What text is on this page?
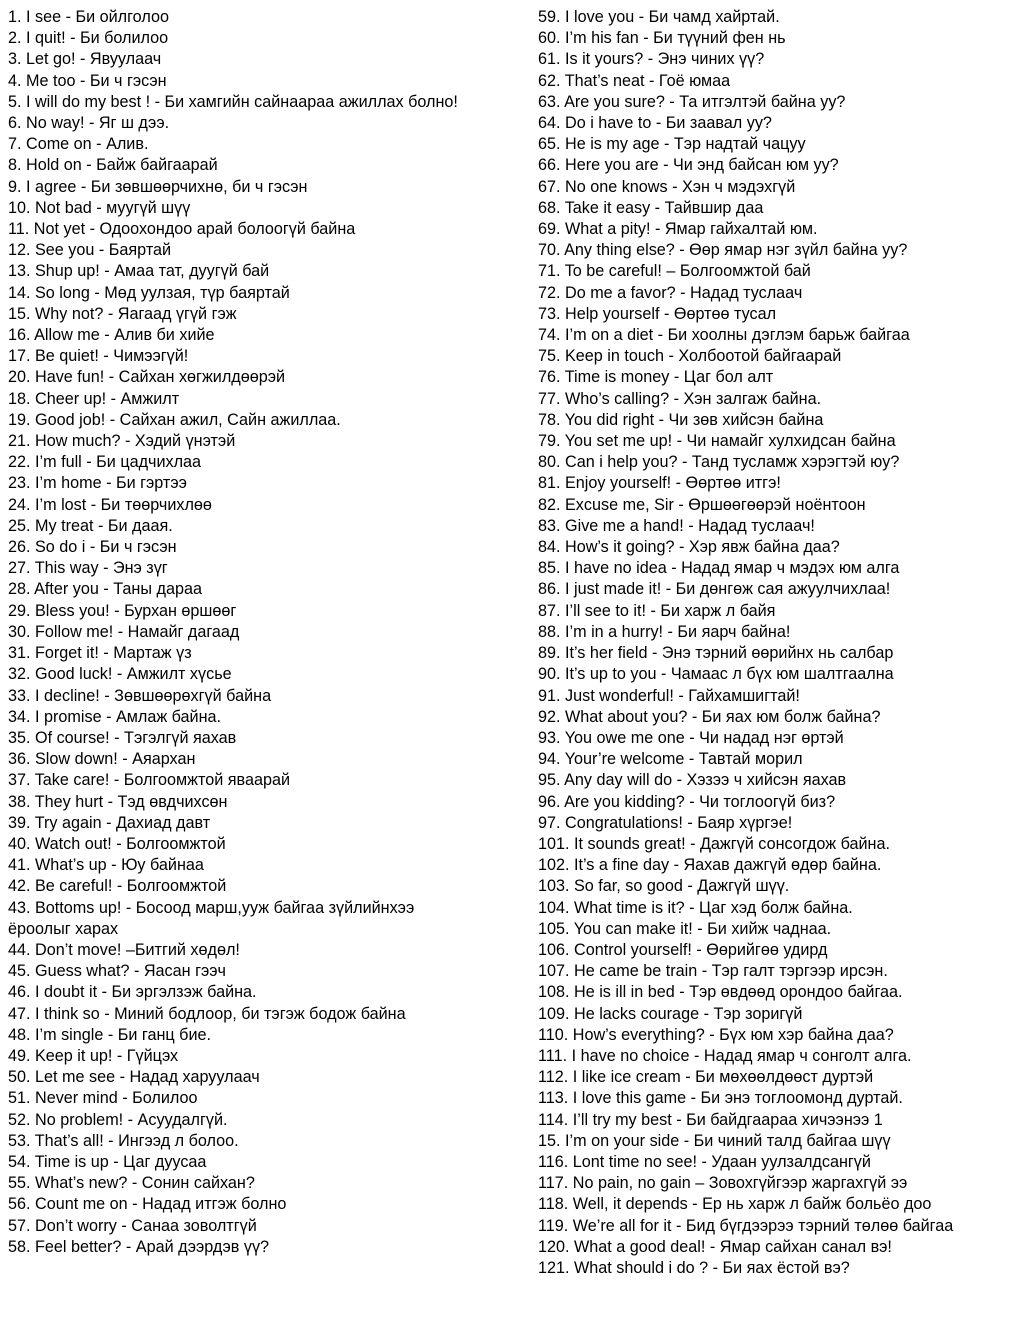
1. I see - Би ойлголоо
2. I quit! - Би болилоо
3. Let go! - Явуулаач
4. Me too - Би ч гэсэн
5. I will do my best ! - Би хамгийн сайнаараа ажиллах болно!
6. No way! - Яг ш дээ.
7. Come on - Алив.
8. Hold on - Байж байгаарай
9. I agree - Би зөвшөөрчихнө, би ч гэсэн
10. Not bad - муугүй шүү
11. Not yet - Одоохондоо арай болоогүй байна
12. See you - Баяртай
13. Shup up! - Амаа тат, дуугүй бай
14. So long - Мөд уулзая, түр баяртай
15. Why not? - Яагаад үгүй гэж
16. Allow me - Алив би хийе
17. Be quiet! - Чимээгүй!
20. Have fun! - Сайхан хөгжилдөөрэй
18. Cheer up! - Амжилт
19. Good job! - Сайхан ажил, Сайн ажиллаа.
21. How much? - Хэдий үнэтэй
22. I’m full - Би цадчихлаа
23. I’m home - Би гэртээ
24. I’m lost - Би төөрчихлөө
25. My treat - Би даая.
26. So do i - Би ч гэсэн
27. This way - Энэ зүг
28. After you - Таны дараа
29. Bless you! - Бурхан өршөөг
30. Follow me! - Намайг дагаад
31. Forget it! - Мартаж үз
32. Good luck! - Амжилт хүсье
33. I decline! - Зөвшөөрөхгүй байна
34. I promise - Амлаж байна.
35. Of course! - Тэгэлгүй яахав
36. Slow down! - Аяархан
37. Take care! - Болгоомжтой яваарай
38. They hurt - Тэд өвдчихсөн
39. Try again - Дахиад давт
40. Watch out! - Болгоомжтой
41. What’s up - Юу байнаа
42. Be careful! - Болгоомжтой
43. Bottoms up! - Босоод марш,ууж байгаа зүйлийнхээ ёроолыг харах
44. Don’t move! –Битгий хөдөл!
45. Guess what? - Яасан гээч
46. I doubt it - Би эргэлзэж байна.
47. I think so - Миний бодлоор, би тэгэж бодож байна
48. I’m single - Би ганц бие.
49. Keep it up! - Гүйцэх
50. Let me see - Надад харуулаач
51. Never mind - Болилоо
52. No problem! - Асуудалгүй.
53. That’s all! - Ингээд л болоо.
54. Time is up - Цаг дуусаа
55. What’s new? - Сонин сайхан?
56. Count me on - Надад итгэж болно
57. Don’t worry - Санаа зоволтгүй
58. Feel better? - Арай дээрдэв үү?
59. I love you - Би чамд хайртай.
60. I’m his fan - Би түүний фен нь
61. Is it yours? - Энэ чиних үү?
62. That’s neat - Гоё юмаа
63. Are you sure? - Та итгэлтэй байна уу?
64. Do i have to - Би заавал уу?
65. He is my age - Тэр надтай чацуу
66. Here you are - Чи энд байсан юм уу?
67. No one knows - Хэн ч мэдэхгүй
68. Take it easy - Тайвшир даа
69. What a pity! - Ямар гайхалтай юм.
70. Any thing else? - Өөр ямар нэг зүйл байна уу?
71. To be careful! – Болгоомжтой бай
72. Do me a favor? - Надад туслаач
73. Help yourself - Өөртөө тусал
74. I’m on a diet - Би хоолны дэглэм барьж байгаа
75. Keep in touch - Холбоотой байгаарай
76. Time is money - Цаг бол алт
77. Who’s calling? - Хэн залгаж байна.
78. You did right - Чи зөв хийсэн байна
79. You set me up! - Чи намайг хулхидсан байна
80. Can i help you? - Танд тусламж хэрэгтэй юу?
81. Enjoy yourself! - Өөртөө итгэ!
82. Excuse me, Sir - Өршөөгөөрэй ноёнтоон
83. Give me a hand! - Надад туслаач!
84. How’s it going? - Хэр явж байна даа?
85. I have no idea - Надад ямар ч мэдэх юм алга
86. I just made it! - Би дөнгөж сая ажуулчихлаа!
87. I’ll see to it! - Би харж л байя
88. I’m in a hurry! - Би яарч байна!
89. It’s her field - Энэ тэрний өөрийнх нь салбар
90. It’s up to you - Чамаас л бүх юм шалтгаална
91. Just wonderful! - Гайхамшигтай!
92. What about you? - Би яах юм болж байна?
93. You owe me one - Чи надад нэг өртэй
94. Your’re welcome - Тавтай морил
95. Any day will do - Хэзээ ч хийсэн яахав
96. Are you kidding? - Чи тоглоогүй биз?
97. Congratulations! - Баяр хүргэе!
101. It sounds great! - Дажгүй сонсогдож байна.
102. It’s a fine day - Яахав дажгүй өдөр байна.
103. So far, so good - Дажгүй шүү.
104. What time is it? - Цаг хэд болж байна.
105. You can make it! - Би хийж чаднаа.
106. Control yourself! - Өөрийгөө удирд
107. He came be train - Тэр галт тэргээр ирсэн.
108. He is ill in bed - Тэр өвдөөд орондоо байгаа.
109. He lacks courage - Тэр зоригүй
110. How’s everything? - Бүх юм хэр байна даа?
111. I have no choice - Надад ямар ч сонголт алга.
112. I like ice cream - Би мөхөөлдөөст дуртэй
113. I love this game - Би энэ тоглоомонд дуртай.
114. I’ll try my best - Би байдгаараа хичээнээ 1
15. I’m on your side - Би чиний талд байгаа шүү
116. Lont time no see! - Удаан уулзалдсангүй
117. No pain, no gain – Зовохгүйгээр жаргахгүй ээ
118. Well, it depends - Ер нь харж л байж больёо доо
119. We’re all for it - Бид бүгдээрээ тэрний төлөө байгаа
120. What a good deal! - Ямар сайхан санал вэ!
121. What should i do ? - Би яах ёстой вэ?
